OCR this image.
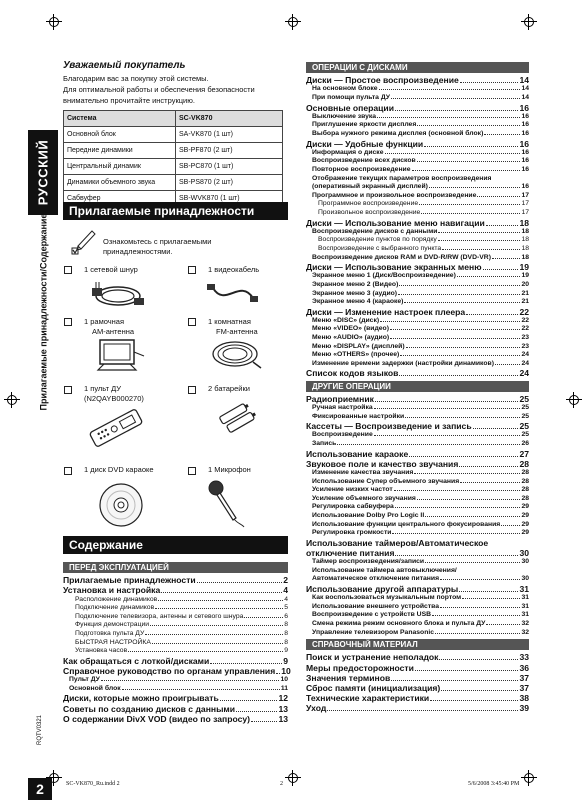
РУССКИЙ
Прилагаемые принадлежности/Содержание
RQTV0321
2
Уважаемый покупатель
Благодарим вас за покупку этой системы.
Для оптимальной работы и обеспечения безопасности
внимательно прочитайте инструкцию.
Система	SC-VK870
Основной блок	SA-VK870 (1 шт)
Передние динамики	SB-PF870 (2 шт)
Центральный динамик	SB-PC870 (1 шт)
Динамики объемного звука	SB-PS870 (2 шт)
Сабвуфер	SB-WVK870 (1 шт)
Прилагаемые принадлежности
Ознакомьтесь с прилагаемыми
принадлежностями.
1 сетевой шнур	1 видеокабель
1 рамочная
АМ-антенна
1 комнатная
FM-антенна
1 пульт ДУ
(N2QAYB000270)
2 батарейки
1 диск DVD караоке	1 Микрофон
Содержание
ПЕРЕД ЭКСПЛУАТАЦИЕЙ
Прилагаемые принадлежности	2
Установка и настройка	4
Расположение динамиков	4
Подключение динамиков	5
Подключение телевизора, антенны и сетевого шнура	6
Функция демонстрации	8
Подготовка пульта ДУ	8
БЫСТРАЯ НАСТРОЙКА	8
Установка часов	9
Как обращаться с лоткой/дисками	9
Справочное руководство по органам управления 10
Пульт ДУ	10
Основной блок	11
Диски, которые можно проигрывать	12
Советы по созданию дисков с данными	13
О содержании DivX VOD (видео по запросу)	13
ОПЕРАЦИИ С ДИСКАМИ
Диски — Простое воспроизведение	14
На основном блоке	14
При помощи пульта ДУ	14
Основные операции	16
Выключение звука	16
Приглушение яркости дисплея	16
Выбора нужного режима дисплея (основной блок)	16
Диски — Удобные функции	16
Информация о диске	16
Воспроизведение всех дисков	16
Повторное воспроизведение	16
Отображение текущих параметров воспроизведения
(оперативный экранный дисплей)	16
Программное и произвольное воспроизведение	17
Программное воспроизведение	17
Произвольное воспроизведение	17
Диски — Использование меню навигации	18
Воспроизведение дисков с данными	18
Воспроизведение пунктов по порядку	18
Воспроизведение с выбранного пункта	18
Воспроизведение дисков RAM и DVD-R/RW (DVD-VR)	18
Диски — Использование экранных меню	19
Экранное меню 1 (Диск/Воспроизведение)	19
Экранное меню 2 (Видео)	20
Экранное меню 3 (аудио)	21
Экранное меню 4 (караоке)	21
Диски — Изменение настроек плеера	22
Меню «DISC» (диск)	22
Меню «VIDEO» (видео)	22
Меню «AUDIO» (аудио)	23
Меню «DISPLAY» (дисплей)	23
Меню «OTHERS» (прочее)	24
Изменение времени задержки (настройки динамиков)	24
Список кодов языков	24
ДРУГИЕ ОПЕРАЦИИ
Радиоприемник	25
Ручная настройка	25
Фиксированные настройки	25
Кассеты — Воспроизведение и запись	25
Воспроизведение	25
Запись	26
Использование караоке	27
Звуковое поле и качество звучания	28
Изменение качества звучания	28
Использование Супер объемного звучания	28
Усиление низких частот	28
Усиление объемного звучания	28
Регулировка сабвуфера	29
Использование Dolby Pro Logic II	29
Использование функции центрального фокусирования	29
Регулировка громкости	29
Использование таймеров/Автоматическое
отключение питания	30
Таймер воспроизведения/записи	30
Использование таймера автовыключения/
Автоматическое отключение питания	30
Использование другой аппаратуры	31
Как воспользоваться музыкальным портом	31
Использование внешнего устройства	31
Воспроизведение с устройств USB	31
Смена режима режим основного блока и пульта ДУ	32
Управление телевизором Panasonic	32
СПРАВОЧНЫЙ МАТЕРИАЛ
Поиск и устранение неполадок	33
Меры предосторожности	36
Значения терминов	37
Сброс памяти (инициализация)	37
Технические характеристики	38
Уход	39
SC-VK870_Ru.indd 2	2	5/6/2008 3:45:40 PM
